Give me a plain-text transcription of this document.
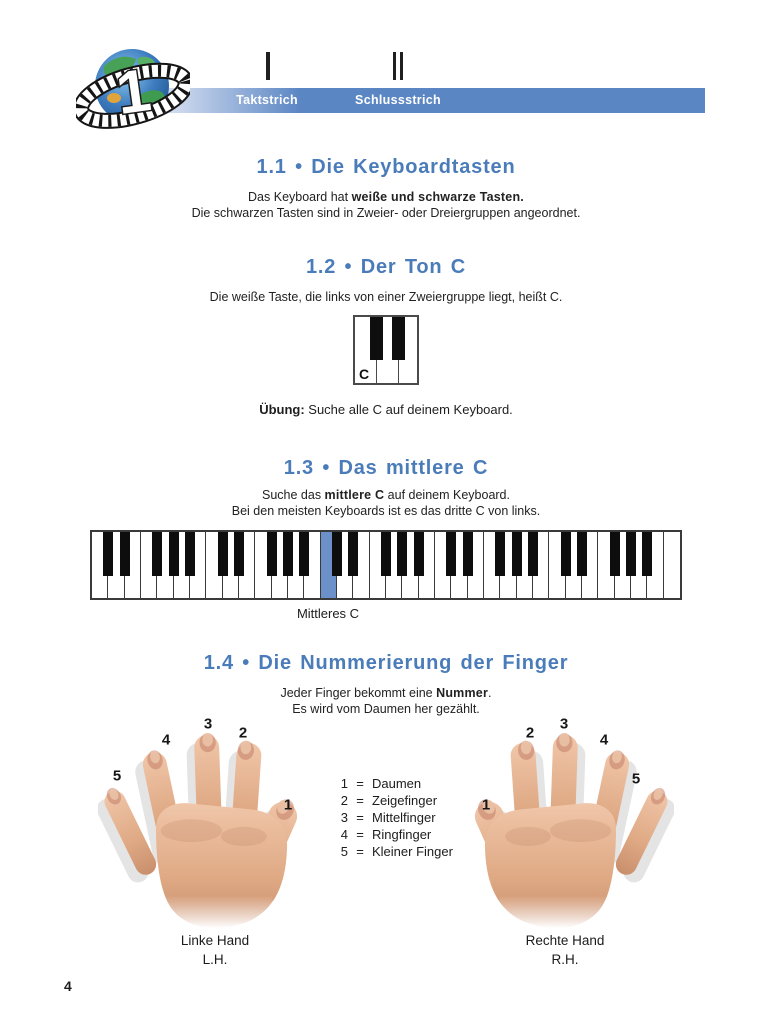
Taktstrich	Schlussstrich
1
1.1 • Die Keyboardtasten
Das Keyboard hat weiße und schwarze Tasten.
Die schwarzen Tasten sind in Zweier- oder Dreiergruppen angeordnet.
1.2 • Der Ton C
Die weiße Taste, die links von einer Zweiergruppe liegt, heißt C.
C
Übung: Suche alle C auf deinem Keyboard.
1.3 • Das mittlere C
Suche das mittlere C auf deinem Keyboard.
Bei den meisten Keyboards ist es das dritte C von links.
Mittleres C
1.4 • Die Nummerierung der Finger
Jeder Finger bekommt eine Nummer.
Es wird vom Daumen her gezählt.
5
4
3
2
1	1
2
3
4
5
1 = Daumen
2 = Zeigefinger
3 = Mittelfinger
4 = Ringfinger
5 = Kleiner Finger
Linke Hand
L.H.
Rechte Hand
R.H.
4
